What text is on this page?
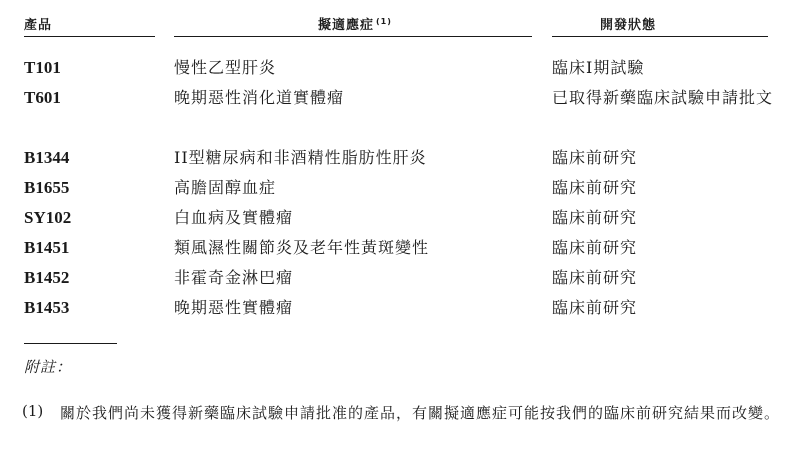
產品	擬適應症 $^{(1)}$	開發狀態
T101	慢性乙型肝炎	臨床I期試驗
T601	晚期惡性消化道實體瘤	已取得新藥臨床試驗申請批文
B1344	II型糖尿病和非酒精性脂肪性肝炎	臨床前研究
B1655	高膽固醇血症	臨床前研究
SY102	白血病及實體瘤	臨床前研究
B1451	類風濕性關節炎及老年性黃斑變性	臨床前研究
B1452	非霍奇金淋巴瘤	臨床前研究
B1453	晚期惡性實體瘤	臨床前研究
附註：
(1) 關於我們尚未獲得新藥臨床試驗申請批准的產品，有關擬適應症可能按我們的臨床前研究結果而改變。
